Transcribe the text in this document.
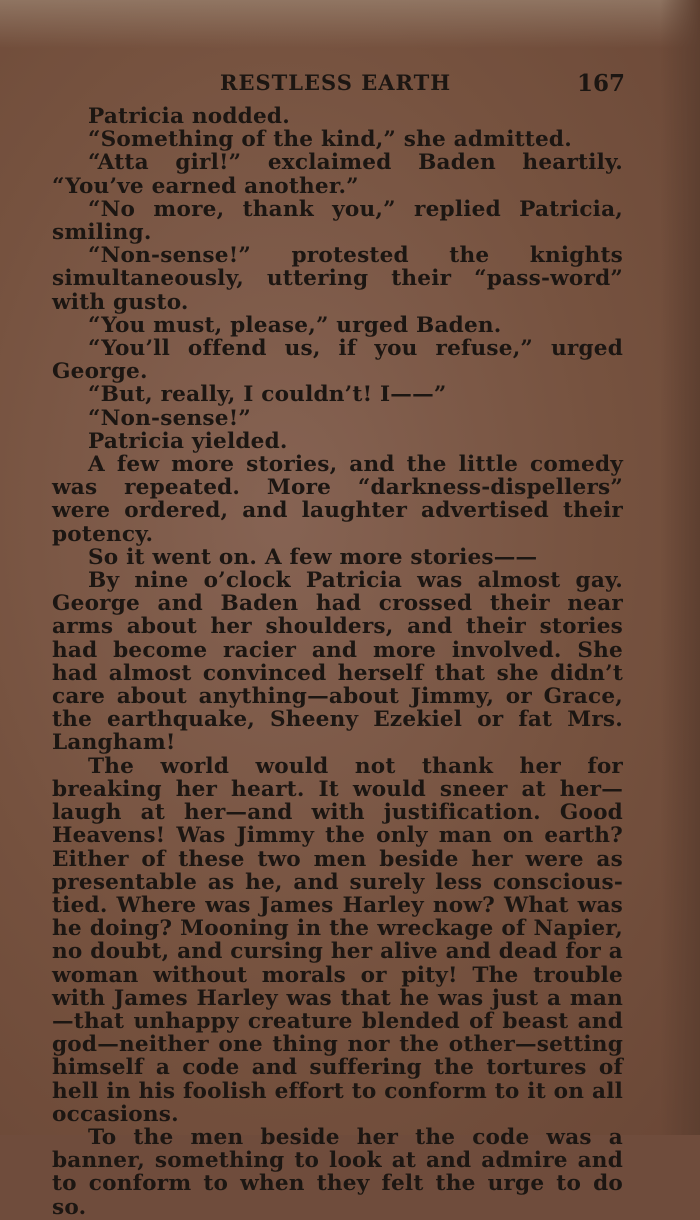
RESTLESS EARTH	167

Patricia nodded.

“Something of the kind,” she admitted.

“Atta girl!” exclaimed Baden heartily. “You’ve earned another.”

“No more, thank you,” replied Patricia, smiling.

“Non-sense!” protested the knights simultaneously, uttering their “pass-word” with gusto.

“You must, please,” urged Baden.

“You’ll offend us, if you refuse,” urged George.

“But, really, I couldn’t! I——”

“Non-sense!”

Patricia yielded.

A few more stories, and the little comedy was repeated. More “darkness-dispellers” were ordered, and laughter advertised their potency.

So it went on. A few more stories——

By nine o’clock Patricia was almost gay. George and Baden had crossed their near arms about her shoulders, and their stories had become racier and more involved. She had almost convinced herself that she didn’t care about anything—about Jimmy, or Grace, the earthquake, Sheeny Ezekiel or fat Mrs. Langham!

The world would not thank her for breaking her heart. It would sneer at her—laugh at her—and with justification. Good Heavens! Was Jimmy the only man on earth? Either of these two men beside her were as presentable as he, and surely less conscious-tied. Where was James Harley now? What was he doing? Mooning in the wreckage of Napier, no doubt, and cursing her alive and dead for a woman without morals or pity! The trouble with James Harley was that he was just a man—that unhappy creature blended of beast and god—neither one thing nor the other—setting himself a code and suffering the tortures of hell in his foolish effort to conform to it on all occasions.

To the men beside her the code was a banner, something to look at and admire and to conform to when they felt the urge to do so.
